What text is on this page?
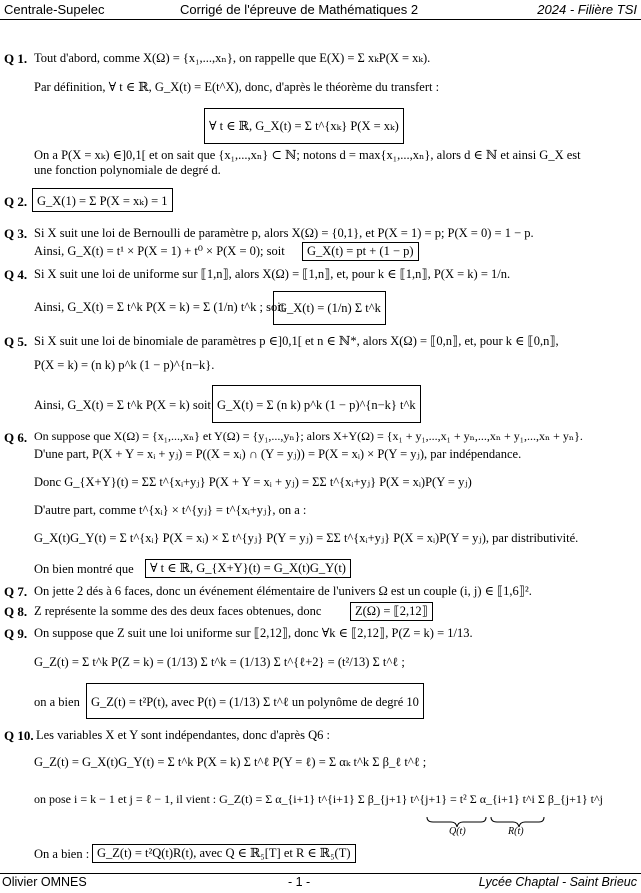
Centrale-Supelec	Corrigé de l'épreuve de Mathématiques 2	2024 - Filière TSI
Q 1. Tout d'abord, comme X(Ω) = {x₁,...,xₙ}, on rappelle que E(X) = Σ xₖP(X = xₖ).
Par définition, ∀ t ∈ ℝ, G_X(t) = E(t^X), donc, d'après le théorème du transfert :
∀ t ∈ ℝ, G_X(t) = Σ t^{xₖ} P(X = xₖ)
On a P(X = xₖ) ∈]0,1[ et on sait que {x₁,...,xₙ} ⊂ ℕ; notons d = max{x₁,...,xₙ}, alors d ∈ ℕ et ainsi G_X est
une fonction polynomiale de degré d.
Q 2. G_X(1) = Σ P(X = xₖ) = 1
Q 3. Si X suit une loi de Bernoulli de paramètre p, alors X(Ω) = {0,1}, et P(X = 1) = p; P(X = 0) = 1 − p.
Ainsi, G_X(t) = t¹ × P(X = 1) + t⁰ × P(X = 0); soit	G_X(t) = pt + (1 − p)
Q 4. Si X suit une loi de uniforme sur ⟦1,n⟧, alors X(Ω) = ⟦1,n⟧, et, pour k ∈ ⟦1,n⟧, P(X = k) = 1/n.
Ainsi, G_X(t) = Σ t^k P(X = k) = Σ (1/n) t^k ; soit
G_X(t) = (1/n) Σ t^k
Q 5. Si X suit une loi de binomiale de paramètres p ∈]0,1[ et n ∈ ℕ*, alors X(Ω) = ⟦0,n⟧, et, pour k ∈ ⟦0,n⟧,
P(X = k) = (n k) p^k (1 − p)^{n−k}.
Ainsi, G_X(t) = Σ t^k P(X = k) soit G_X(t) = Σ (n k) p^k (1 − p)^{n−k} t^k
Q 6. On suppose que X(Ω) = {x₁,...,xₙ} et Y(Ω) = {y₁,...,yₙ}; alors X+Y(Ω) = {x₁ + y₁,...,x₁ + yₙ,...,xₙ + y₁,...,xₙ + yₙ}.
D'une part, P(X + Y = xᵢ + yⱼ) = P((X = xᵢ) ∩ (Y = yⱼ)) = P(X = xᵢ) × P(Y = yⱼ), par indépendance.
Donc G_{X+Y}(t) = ΣΣ t^{xᵢ+yⱼ} P(X + Y = xᵢ + yⱼ) = ΣΣ t^{xᵢ+yⱼ} P(X = xᵢ)P(Y = yⱼ)
D'autre part, comme t^{xᵢ} × t^{yⱼ} = t^{xᵢ+yⱼ}, on a :
G_X(t)G_Y(t) = Σ t^{xᵢ} P(X = xᵢ) × Σ t^{yⱼ} P(Y = yⱼ) = ΣΣ t^{xᵢ+yⱼ} P(X = xᵢ)P(Y = yⱼ), par distributivité.
On bien montré que	∀ t ∈ ℝ, G_{X+Y}(t) = G_X(t)G_Y(t)
Q 7. On jette 2 dés à 6 faces, donc un événement élémentaire de l'univers Ω est un couple (i, j) ∈ ⟦1,6⟧².
Q 8. Z représente la somme des des deux faces obtenues, donc	Z(Ω) = ⟦2,12⟧
Q 9. On suppose que Z suit une loi uniforme sur ⟦2,12⟧, donc ∀k ∈ ⟦2,12⟧, P(Z = k) = 1/13.
G_Z(t) = Σ t^k P(Z = k) = (1/13) Σ t^k = (1/13) Σ t^{ℓ+2} = (t²/13) Σ t^ℓ ;
on a bien G_Z(t) = t²P(t), avec P(t) = (1/13) Σ t^ℓ un polynôme de degré 10
Q 10. Les variables X et Y sont indépendantes, donc d'après Q6 :
G_Z(t) = G_X(t)G_Y(t) = Σ t^k P(X = k) Σ t^ℓ P(Y = ℓ) = Σ αₖ t^k Σ β_ℓ t^ℓ ;
on pose i = k − 1 et j = ℓ − 1, il vient : G_Z(t) = Σ α_{i+1} t^{i+1} Σ β_{j+1} t^{j+1} = t² Σ α_{i+1} t^i Σ β_{j+1} t^j
Q(t)	R(t)
On a bien : G_Z(t) = t²Q(t)R(t), avec Q ∈ ℝ₅[T] et R ∈ ℝ₅(T)
Olivier OMNES	- 1 -	Lycée Chaptal - Saint Brieuc
